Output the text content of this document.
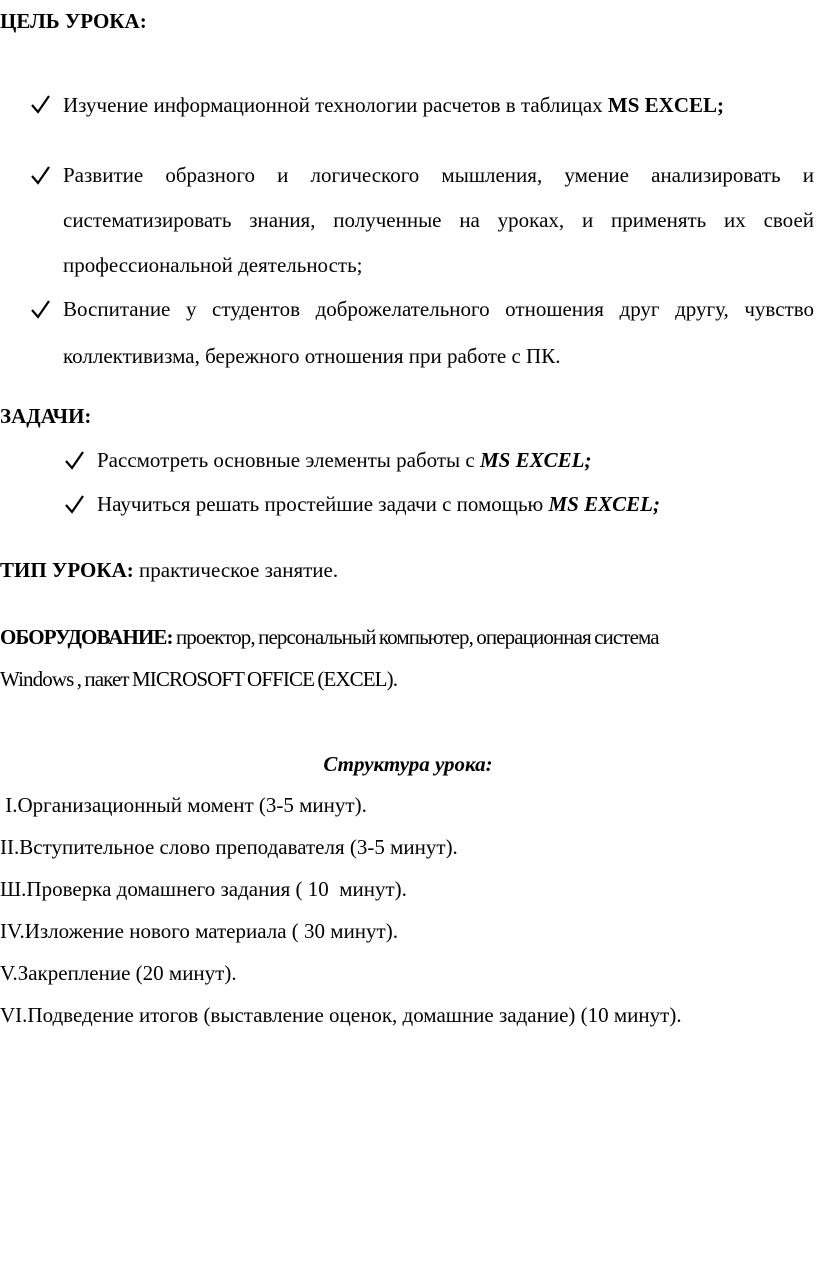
ЦЕЛЬ УРОКА:
Изучение информационной технологии расчетов в таблицах MS EXCEL;
Развитие образного и логического мышления, умение анализировать и систематизировать знания, полученные на уроках, и применять их своей профессиональной деятельность;
Воспитание у студентов доброжелательного отношения друг другу, чувство коллективизма, бережного отношения при работе с ПК.
ЗАДАЧИ:
Рассмотреть основные элементы работы с MS EXCEL;
Научиться решать простейшие задачи с помощью MS EXCEL;
ТИП УРОКА: практическое занятие.
ОБОРУДОВАНИЕ: проектор, персональный компьютер, операционная система
Windows , пакет MICROSOFT OFFICE (EXCEL).
Структура урока:
I.Организационный момент (3-5 минут).
II.Вступительное слово преподавателя (3-5 минут).
Ш.Проверка домашнего задания ( 10  минут).
IV.Изложение нового материала ( 30 минут).
V.Закрепление (20 минут).
VI.Подведение итогов (выставление оценок, домашние задание) (10 минут).
